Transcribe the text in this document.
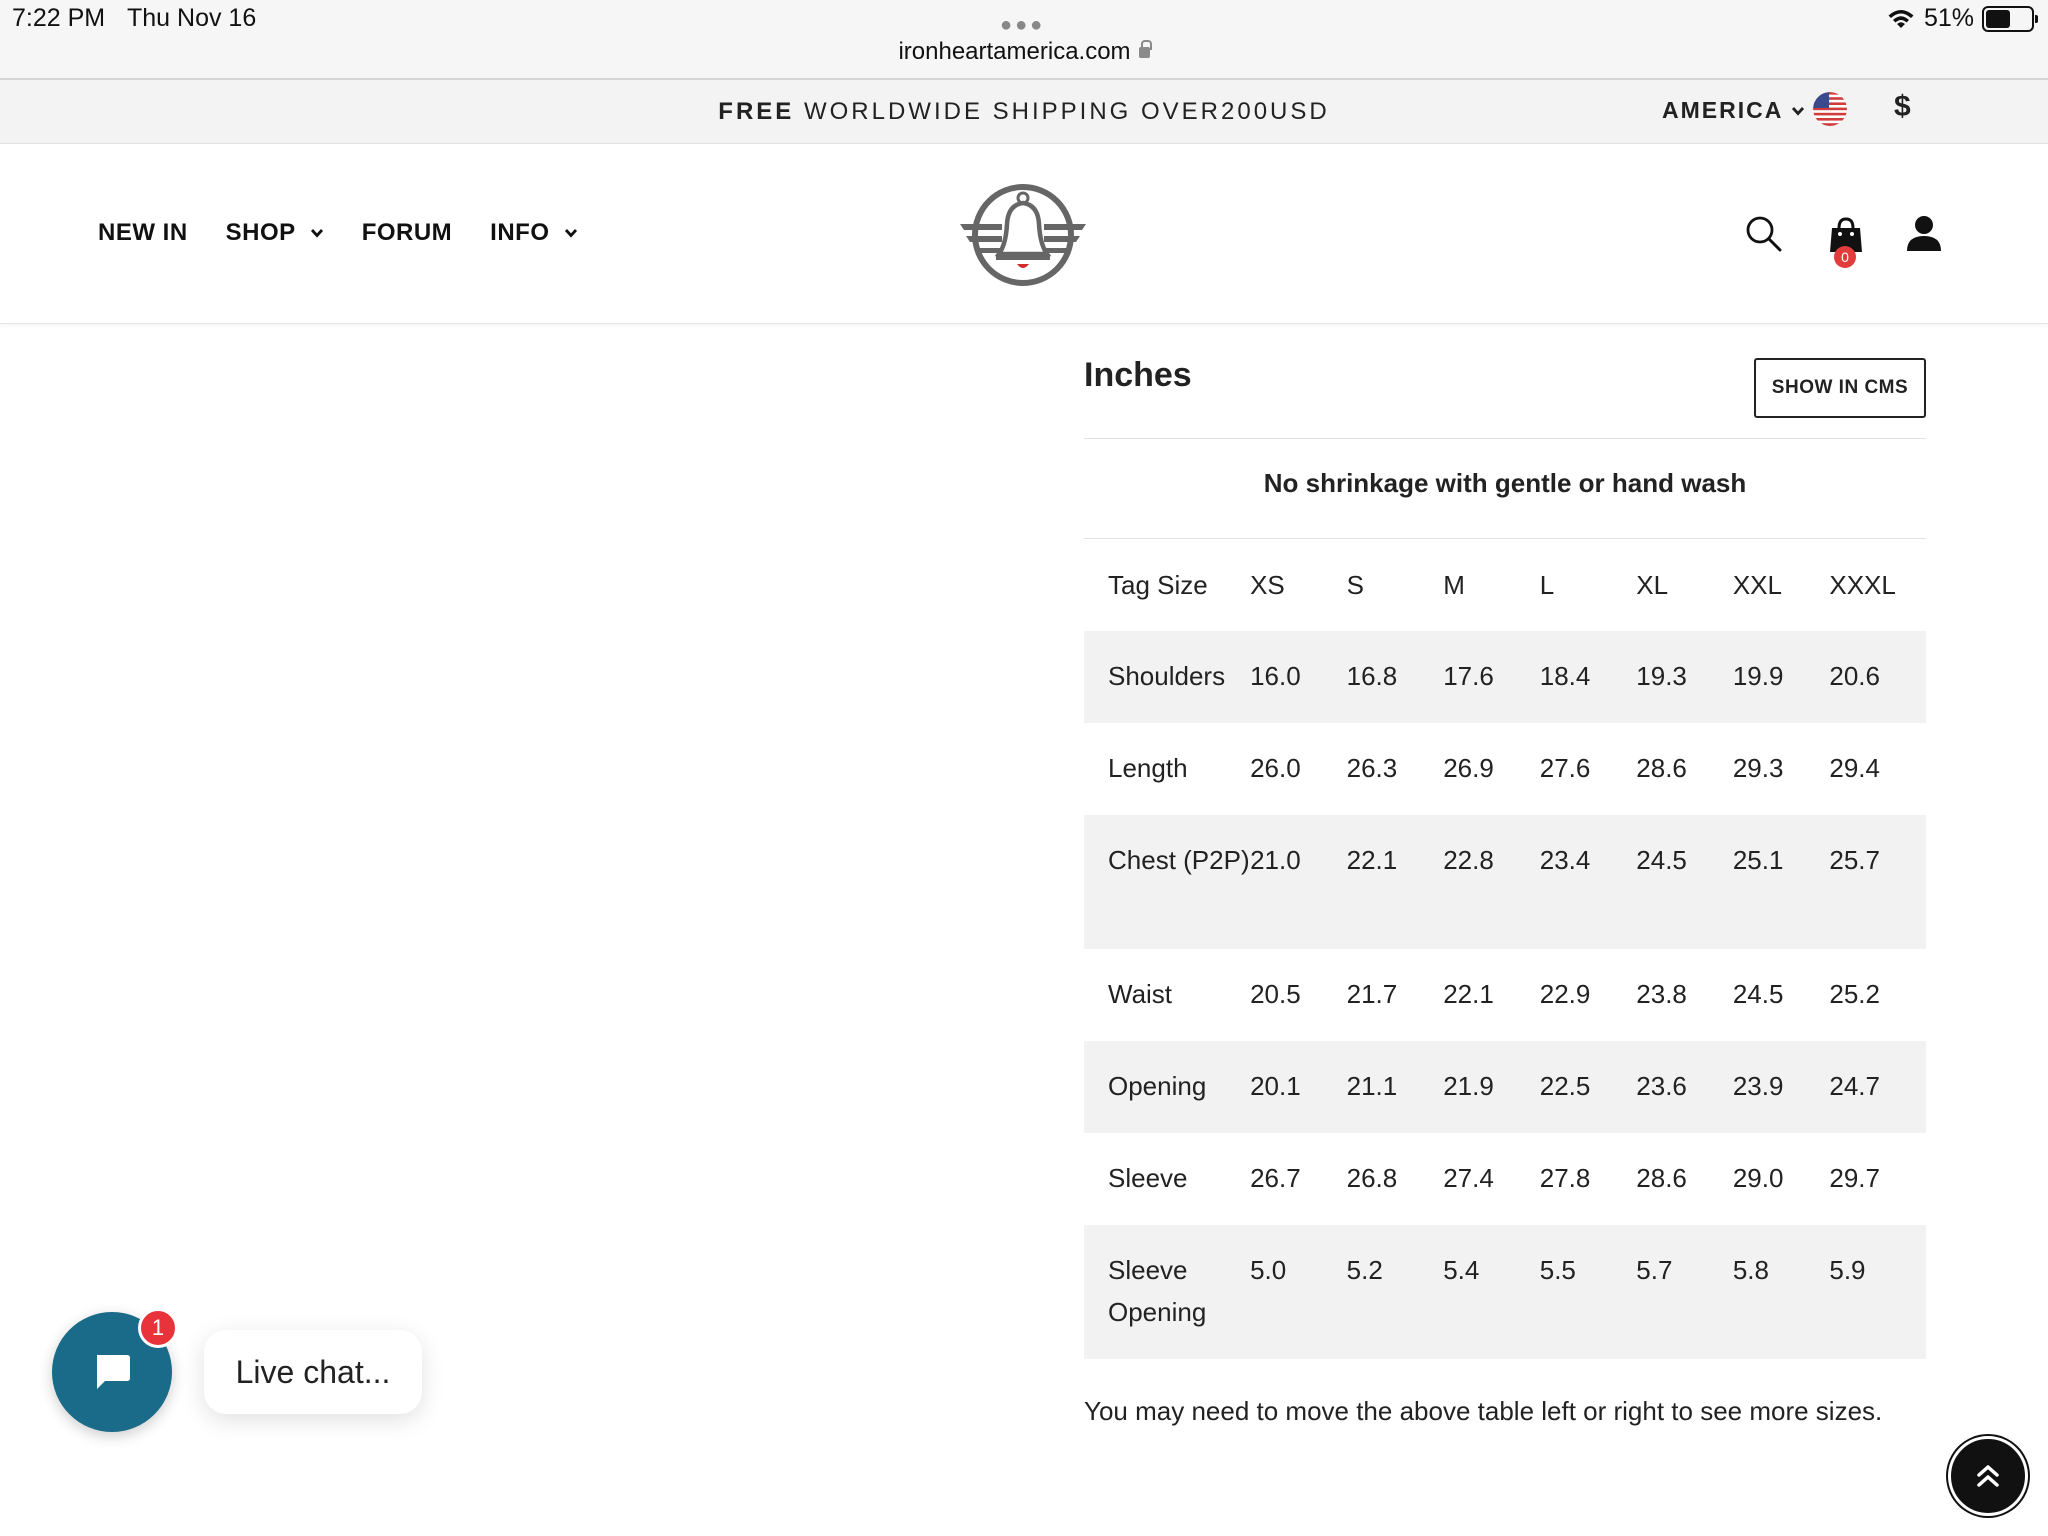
7:22 PM Thu Nov 16	●●●
ironheartamerica.com
51%
FREE WORLDWIDE SHIPPING OVER200USD	AMERICA	$
NEW IN SHOP	FORUM INFO
0
Inches	SHOW IN CMS
No shrinkage with gentle or hand wash
Tag Size	XS	S	M	L	XL	XXL	XXXL
Shoulders	16.0	16.8	17.6	18.4	19.3	19.9	20.6
Length	26.0	26.3	26.9	27.6	28.6	29.3	29.4
Chest (P2P)	21.0	22.1	22.8	23.4	24.5	25.1	25.7
Waist	20.5	21.7	22.1	22.9	23.8	24.5	25.2
Opening	20.1	21.1	21.9	22.5	23.6	23.9	24.7
Sleeve	26.7	26.8	27.4	27.8	28.6	29.0	29.7
Sleeve Opening	5.0	5.2	5.4	5.5	5.7	5.8	5.9
You may need to move the above table left or right to see more sizes.
1
Live chat...
